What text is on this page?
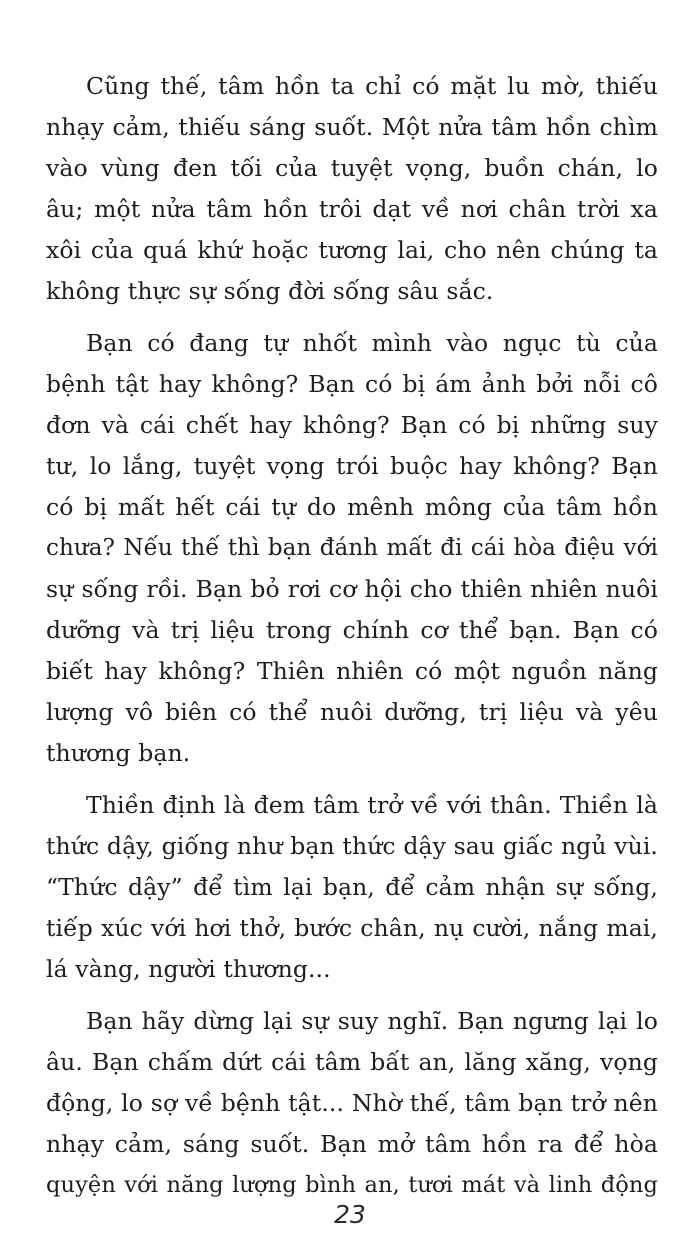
Cũng thế, tâm hồn ta chỉ có mặt lu mờ, thiếu
nhạy cảm, thiếu sáng suốt. Một nửa tâm hồn chìm
vào vùng đen tối của tuyệt vọng, buồn chán, lo
âu; một nửa tâm hồn trôi dạt về nơi chân trời xa
xôi của quá khứ hoặc tương lai, cho nên chúng ta
không thực sự sống đời sống sâu sắc.

Bạn có đang tự nhốt mình vào ngục tù của
bệnh tật hay không? Bạn có bị ám ảnh bởi nỗi cô
đơn và cái chết hay không? Bạn có bị những suy
tư, lo lắng, tuyệt vọng trói buộc hay không? Bạn
có bị mất hết cái tự do mênh mông của tâm hồn
chưa? Nếu thế thì bạn đánh mất đi cái hòa điệu với
sự sống rồi. Bạn bỏ rơi cơ hội cho thiên nhiên nuôi
dưỡng và trị liệu trong chính cơ thể bạn. Bạn có
biết hay không? Thiên nhiên có một nguồn năng
lượng vô biên có thể nuôi dưỡng, trị liệu và yêu
thương bạn.

Thiền định là đem tâm trở về với thân. Thiền là
thức dậy, giống như bạn thức dậy sau giấc ngủ vùi.
“Thức dậy” để tìm lại bạn, để cảm nhận sự sống,
tiếp xúc với hơi thở, bước chân, nụ cười, nắng mai,
lá vàng, người thương...

Bạn hãy dừng lại sự suy nghĩ. Bạn ngưng lại lo
âu. Bạn chấm dứt cái tâm bất an, lăng xăng, vọng
động, lo sợ về bệnh tật... Nhờ thế, tâm bạn trở nên
nhạy cảm, sáng suốt. Bạn mở tâm hồn ra để hòa
quyện với năng lượng bình an, tươi mát và linh động

23
